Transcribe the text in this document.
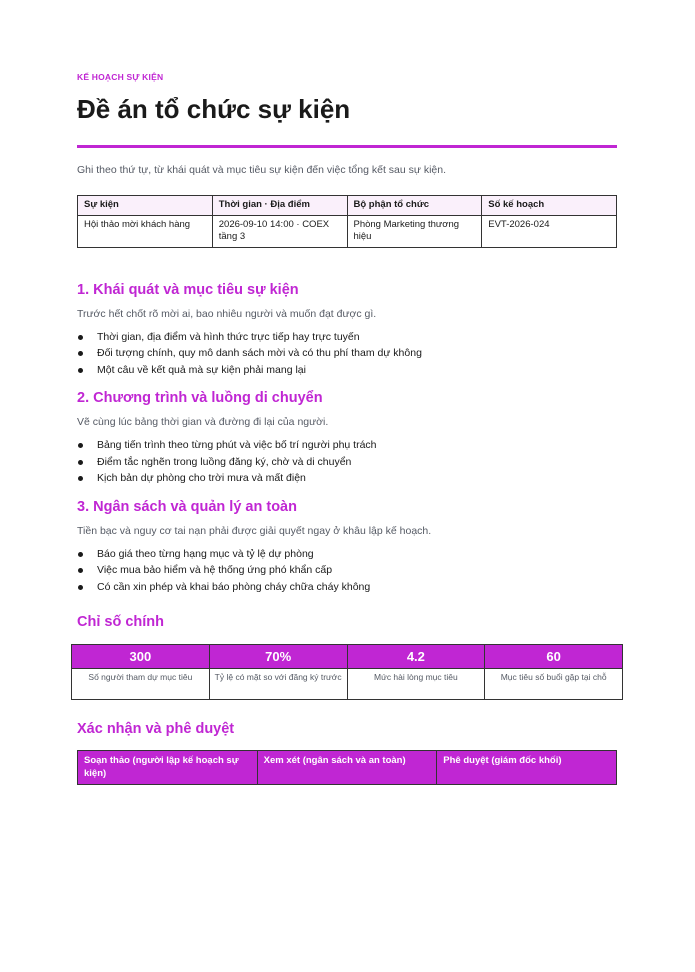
KẾ HOẠCH SỰ KIỆN
Đề án tổ chức sự kiện
Ghi theo thứ tự, từ khái quát và mục tiêu sự kiện đến việc tổng kết sau sự kiện.
Sự kiện	Thời gian · Địa điểm	Bộ phận tổ chức	Số kế hoạch
Hội thảo mời khách hàng	2026-09-10 14:00 · COEX tầng 3	Phòng Marketing thương hiệu	EVT-2026-024
1. Khái quát và mục tiêu sự kiện
Trước hết chốt rõ mời ai, bao nhiêu người và muốn đạt được gì.
Thời gian, địa điểm và hình thức trực tiếp hay trực tuyến
Đối tượng chính, quy mô danh sách mời và có thu phí tham dự không
Một câu về kết quả mà sự kiện phải mang lại
2. Chương trình và luồng di chuyển
Vẽ cùng lúc bảng thời gian và đường đi lại của người.
Bảng tiến trình theo từng phút và việc bố trí người phụ trách
Điểm tắc nghẽn trong luồng đăng ký, chờ và di chuyển
Kịch bản dự phòng cho trời mưa và mất điện
3. Ngân sách và quản lý an toàn
Tiền bạc và nguy cơ tai nạn phải được giải quyết ngay ở khâu lập kế hoạch.
Báo giá theo từng hạng mục và tỷ lệ dự phòng
Việc mua bảo hiểm và hệ thống ứng phó khẩn cấp
Có cần xin phép và khai báo phòng cháy chữa cháy không
Chỉ số chính
300	70%	4.2	60
Số người tham dự mục tiêu	Tỷ lệ có mặt so với đăng ký trước	Mức hài lòng mục tiêu	Mục tiêu số buổi gặp tại chỗ
Xác nhận và phê duyệt
Soạn thảo (người lập kế hoạch sự kiện)	Xem xét (ngân sách và an toàn)	Phê duyệt (giám đốc khối)
